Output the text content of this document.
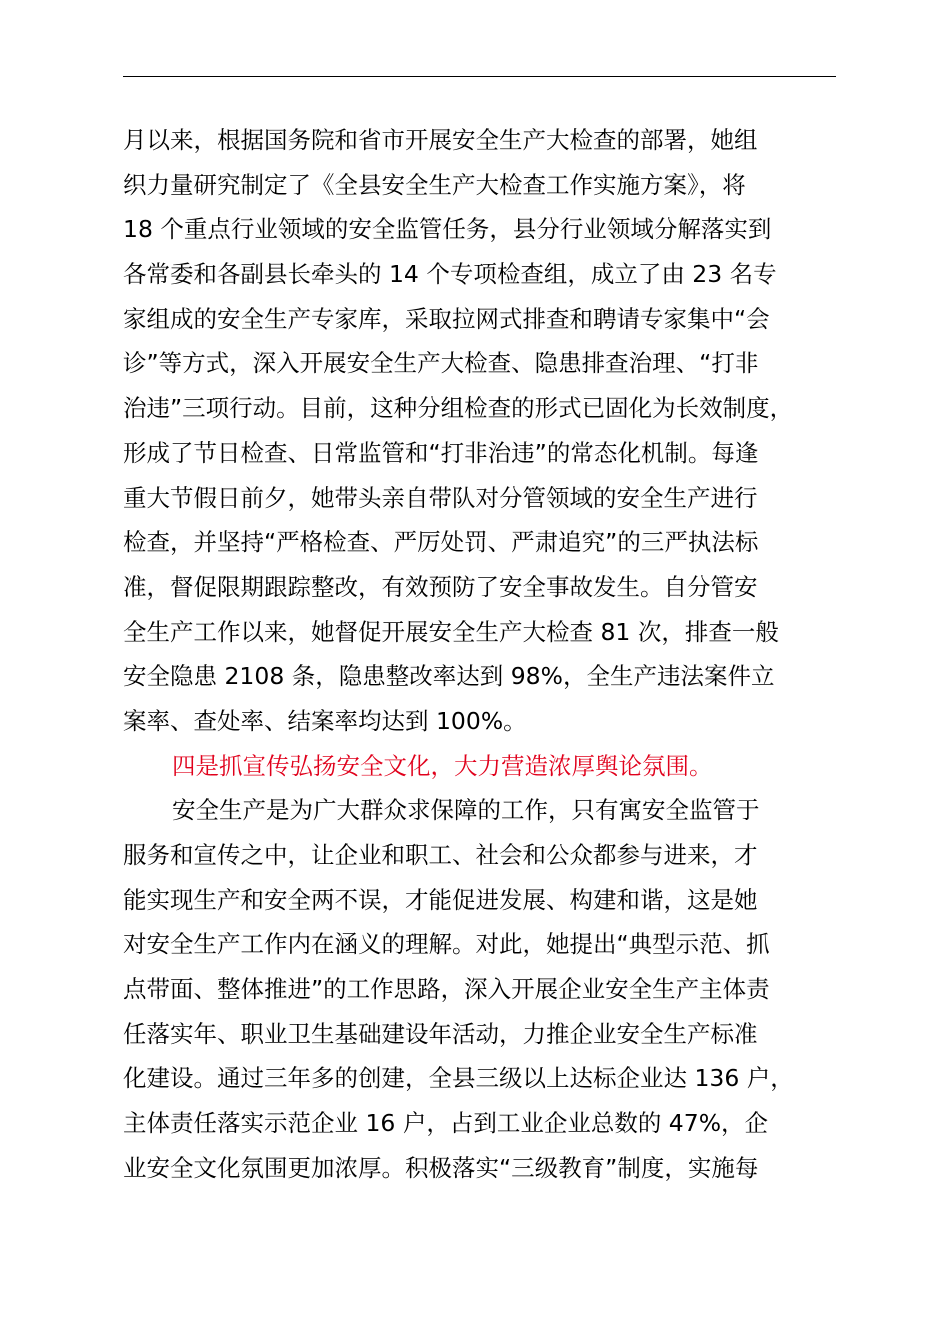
月以来，根据国务院和省市开展安全生产大检查的部署，她组
织力量研究制定了《全县安全生产大检查工作实施方案》，将
18 个重点行业领域的安全监管任务，县分行业领域分解落实到
各常委和各副县长牵头的 14 个专项检查组，成立了由 23 名专
家组成的安全生产专家库，采取拉网式排查和聘请专家集中“会
诊”等方式，深入开展安全生产大检查、隐患排查治理、“打非
治违”三项行动。目前，这种分组检查的形式已固化为长效制度，
形成了节日检查、日常监管和“打非治违”的常态化机制。每逢
重大节假日前夕，她带头亲自带队对分管领域的安全生产进行
检查，并坚持“严格检查、严厉处罚、严肃追究”的三严执法标
准，督促限期跟踪整改，有效预防了安全事故发生。自分管安
全生产工作以来，她督促开展安全生产大检查 81 次，排查一般
安全隐患 2108 条，隐患整改率达到 98%，全生产违法案件立
案率、查处率、结案率均达到 100%。
四是抓宣传弘扬安全文化，大力营造浓厚舆论氛围。
安全生产是为广大群众求保障的工作，只有寓安全监管于
服务和宣传之中，让企业和职工、社会和公众都参与进来，才
能实现生产和安全两不误，才能促进发展、构建和谐，这是她
对安全生产工作内在涵义的理解。对此，她提出“典型示范、抓
点带面、整体推进”的工作思路，深入开展企业安全生产主体责
任落实年、职业卫生基础建设年活动，力推企业安全生产标准
化建设。通过三年多的创建，全县三级以上达标企业达 136 户，
主体责任落实示范企业 16 户，占到工业企业总数的 47%，企
业安全文化氛围更加浓厚。积极落实“三级教育”制度，实施每
